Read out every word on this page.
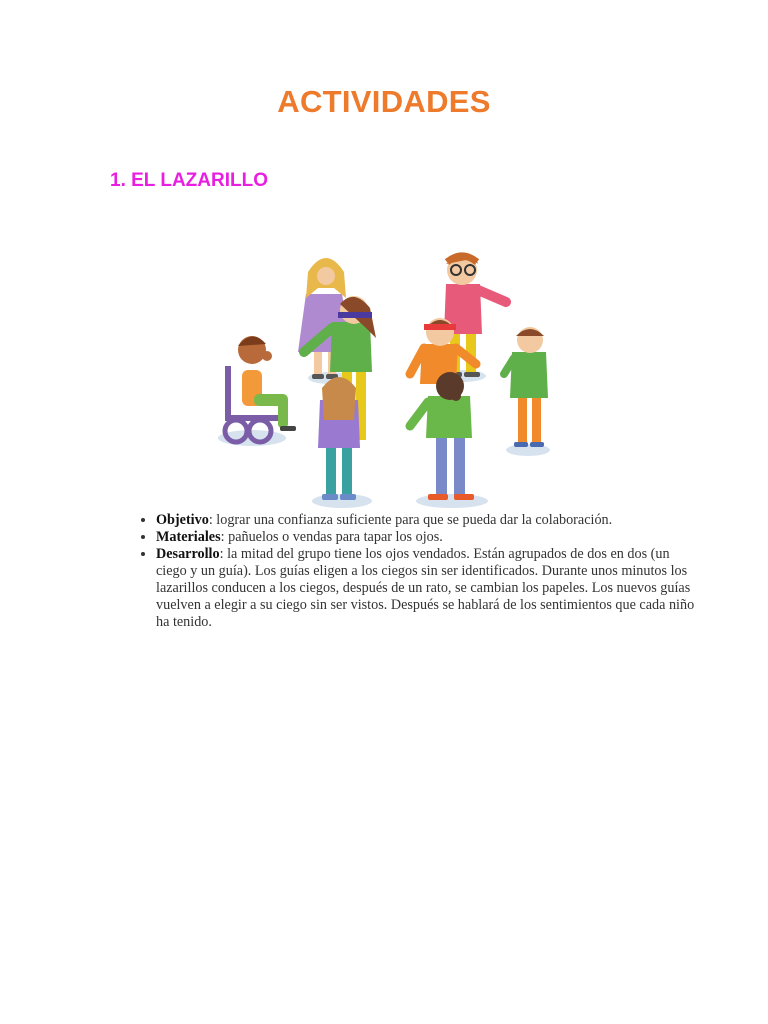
ACTIVIDADES
1. EL LAZARILLO
• Objetivo: lograr una confianza suficiente para que se pueda dar la colaboración.
• Materiales: pañuelos o vendas para tapar los ojos.
• Desarrollo: la mitad del grupo tiene los ojos vendados. Están agrupados de dos en dos (un ciego y un guía). Los guías eligen a los ciegos sin ser identificados. Durante unos minutos los lazarillos conducen a los ciegos, después de un rato, se cambian los papeles. Los nuevos guías vuelven a elegir a su ciego sin ser vistos. Después se hablará de los sentimientos que cada niño ha tenido.
